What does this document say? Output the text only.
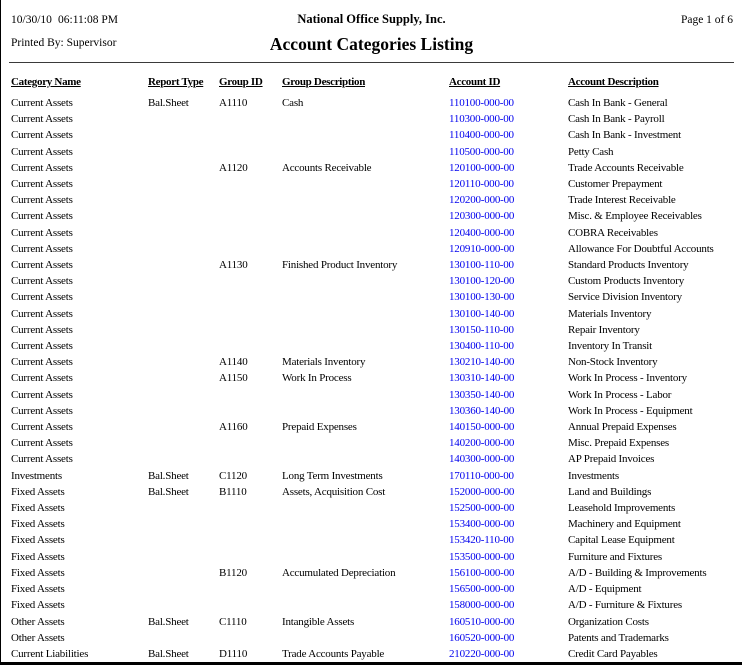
10/30/10 06:11:08 PM	National Office Supply, Inc.	Page 1 of 6
Printed By: Supervisor	Account Categories Listing
Category Name	Report Type	Group ID	Group Description	Account ID	Account Description
Current Assets	Bal.Sheet	A1110	Cash	110100-000-00	Cash In Bank - General
Current Assets				110300-000-00	Cash In Bank - Payroll
Current Assets				110400-000-00	Cash In Bank - Investment
Current Assets				110500-000-00	Petty Cash
Current Assets		A1120	Accounts Receivable	120100-000-00	Trade Accounts Receivable
Current Assets				120110-000-00	Customer Prepayment
Current Assets				120200-000-00	Trade Interest Receivable
Current Assets				120300-000-00	Misc. & Employee Receivables
Current Assets				120400-000-00	COBRA Receivables
Current Assets				120910-000-00	Allowance For Doubtful Accounts
Current Assets		A1130	Finished Product Inventory	130100-110-00	Standard Products Inventory
Current Assets				130100-120-00	Custom Products Inventory
Current Assets				130100-130-00	Service Division Inventory
Current Assets				130100-140-00	Materials Inventory
Current Assets				130150-110-00	Repair Inventory
Current Assets				130400-110-00	Inventory In Transit
Current Assets		A1140	Materials Inventory	130210-140-00	Non-Stock Inventory
Current Assets		A1150	Work In Process	130310-140-00	Work In Process - Inventory
Current Assets				130350-140-00	Work In Process - Labor
Current Assets				130360-140-00	Work In Process - Equipment
Current Assets		A1160	Prepaid Expenses	140150-000-00	Annual Prepaid Expenses
Current Assets				140200-000-00	Misc. Prepaid Expenses
Current Assets				140300-000-00	AP Prepaid Invoices
Investments	Bal.Sheet	C1120	Long Term Investments	170110-000-00	Investments
Fixed Assets	Bal.Sheet	B1110	Assets, Acquisition Cost	152000-000-00	Land and Buildings
Fixed Assets				152500-000-00	Leasehold Improvements
Fixed Assets				153400-000-00	Machinery and Equipment
Fixed Assets				153420-110-00	Capital Lease Equipment
Fixed Assets				153500-000-00	Furniture and Fixtures
Fixed Assets		B1120	Accumulated Depreciation	156100-000-00	A/D - Building & Improvements
Fixed Assets				156500-000-00	A/D - Equipment
Fixed Assets				158000-000-00	A/D - Furniture & Fixtures
Other Assets	Bal.Sheet	C1110	Intangible Assets	160510-000-00	Organization Costs
Other Assets				160520-000-00	Patents and Trademarks
Current Liabilities	Bal.Sheet	D1110	Trade Accounts Payable	210220-000-00	Credit Card Payables
